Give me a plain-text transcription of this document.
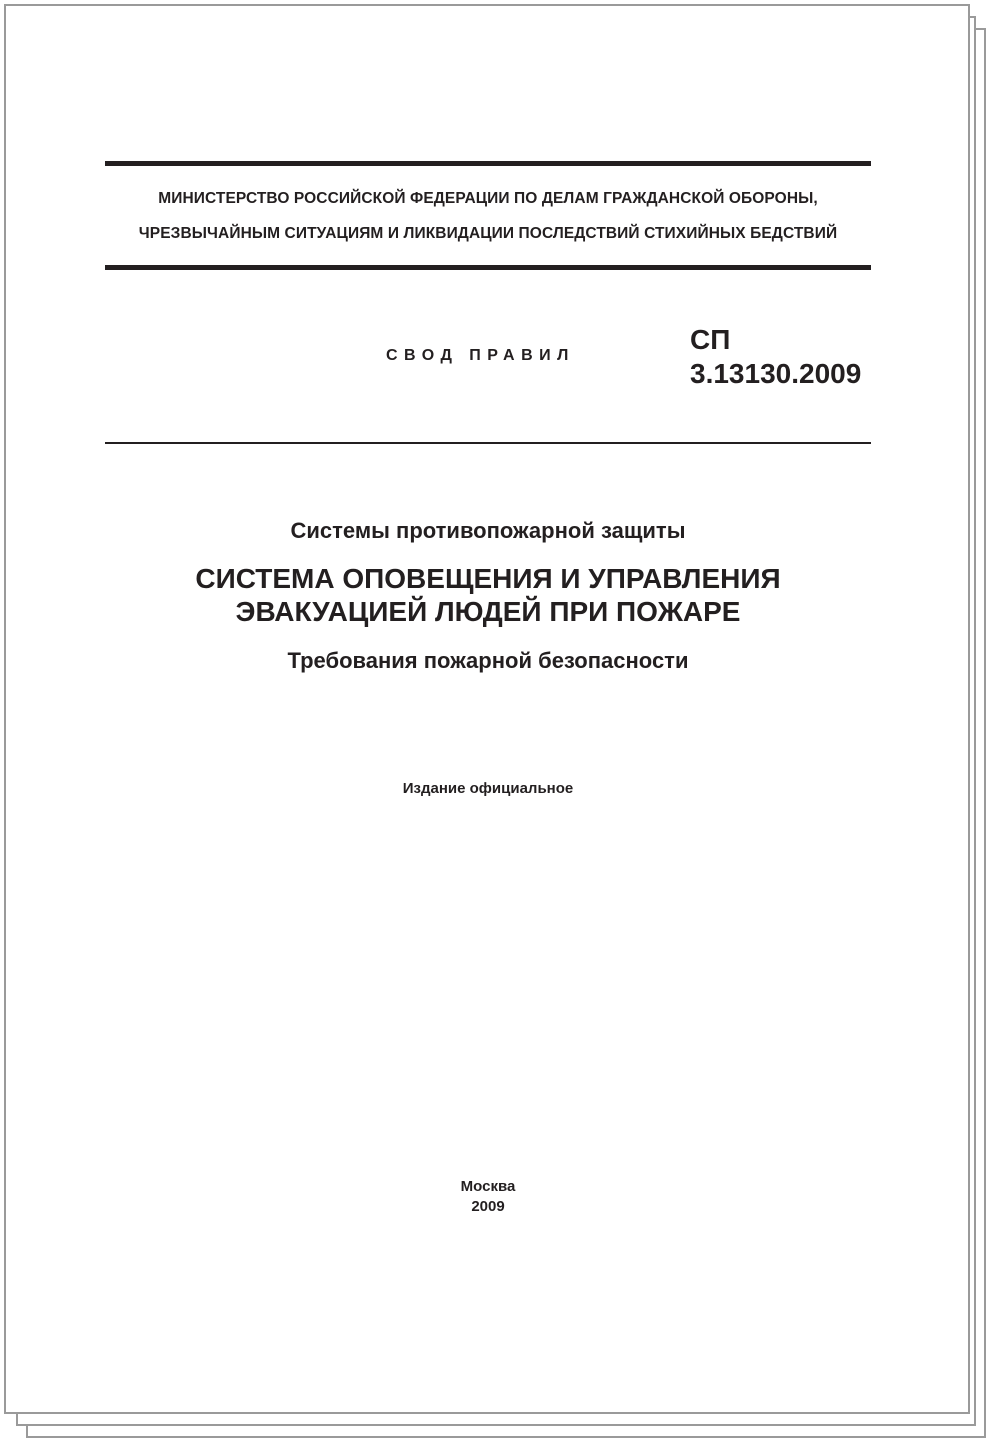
МИНИСТЕРСТВО РОССИЙСКОЙ ФЕДЕРАЦИИ ПО ДЕЛАМ ГРАЖДАНСКОЙ ОБОРОНЫ,
ЧРЕЗВЫЧАЙНЫМ СИТУАЦИЯМ И ЛИКВИДАЦИИ ПОСЛЕДСТВИЙ СТИХИЙНЫХ БЕДСТВИЙ
СВОД ПРАВИЛ
СП
3.13130.2009
Системы противопожарной защиты
СИСТЕМА ОПОВЕЩЕНИЯ И УПРАВЛЕНИЯ
ЭВАКУАЦИЕЙ ЛЮДЕЙ ПРИ ПОЖАРЕ
Требования пожарной безопасности
Издание официальное
Москва
2009
